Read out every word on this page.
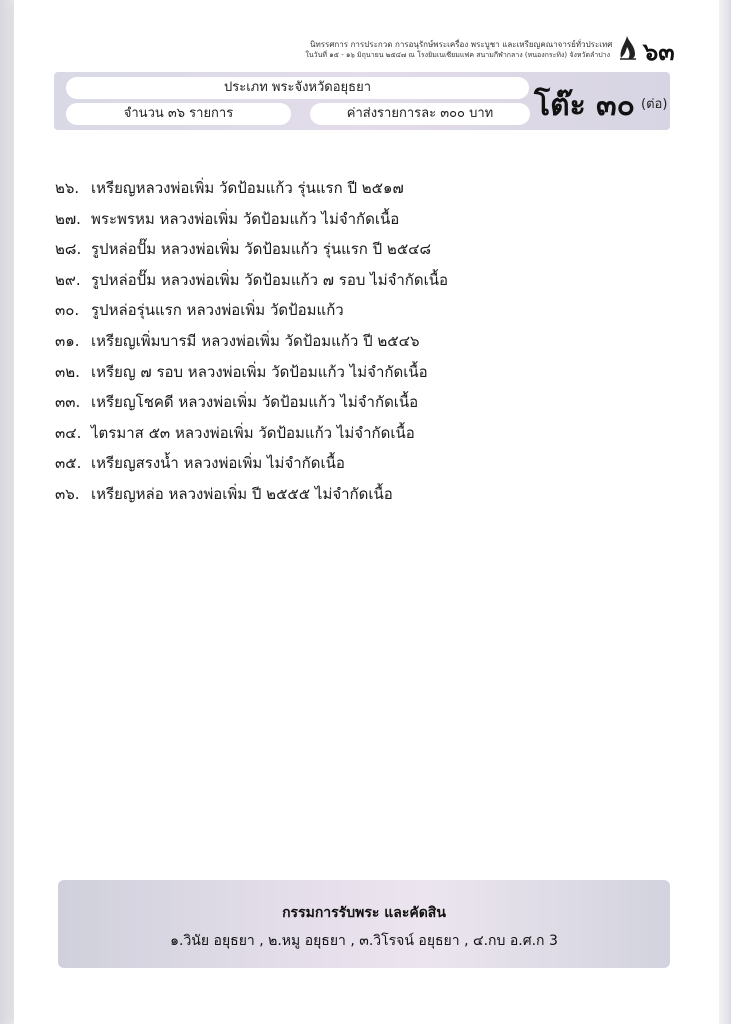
นิทรรศการ การประกวด การอนุรักษ์พระเครื่อง พระบูชา และเหรียญคณาจารย์ทั่วประเทศ
ในวันที่ ๑๕ - ๑๖ มิถุนายน ๒๕๔๗ ณ โรงยิมเนเซียมแฟค สนามกีฬากลาง (หนองกระทิง) จังหวัดลำปาง ๖๓
ประเภท พระจังหวัดอยุธยา
จำนวน ๓๖ รายการ	ค่าส่งรายการละ ๓๐๐ บาท	โต๊ะ ๓๐ (ต่อ)
๒๖. เหรียญหลวงพ่อเพิ่ม วัดป้อมแก้ว รุ่นแรก ปี ๒๕๑๗
๒๗. พระพรหม หลวงพ่อเพิ่ม วัดป้อมแก้ว ไม่จำกัดเนื้อ
๒๘. รูปหล่อปั๊ม หลวงพ่อเพิ่ม วัดป้อมแก้ว รุ่นแรก ปี ๒๕๔๘
๒๙. รูปหล่อปั๊ม หลวงพ่อเพิ่ม วัดป้อมแก้ว ๗ รอบ ไม่จำกัดเนื้อ
๓๐. รูปหล่อรุ่นแรก หลวงพ่อเพิ่ม วัดป้อมแก้ว
๓๑. เหรียญเพิ่มบารมี หลวงพ่อเพิ่ม วัดป้อมแก้ว ปี ๒๕๔๖
๓๒. เหรียญ ๗ รอบ หลวงพ่อเพิ่ม วัดป้อมแก้ว ไม่จำกัดเนื้อ
๓๓. เหรียญโชคดี หลวงพ่อเพิ่ม วัดป้อมแก้ว ไม่จำกัดเนื้อ
๓๔. ไตรมาส ๕๓ หลวงพ่อเพิ่ม วัดป้อมแก้ว ไม่จำกัดเนื้อ
๓๕. เหรียญสรงน้ำ หลวงพ่อเพิ่ม ไม่จำกัดเนื้อ
๓๖. เหรียญหล่อ หลวงพ่อเพิ่ม ปี ๒๕๕๕ ไม่จำกัดเนื้อ
กรรมการรับพระ และคัดสิน
๑.วินัย อยุธยา , ๒.หมู อยุธยา , ๓.วิโรจน์ อยุธยา , ๔.กบ อ.ศ.ก 3
